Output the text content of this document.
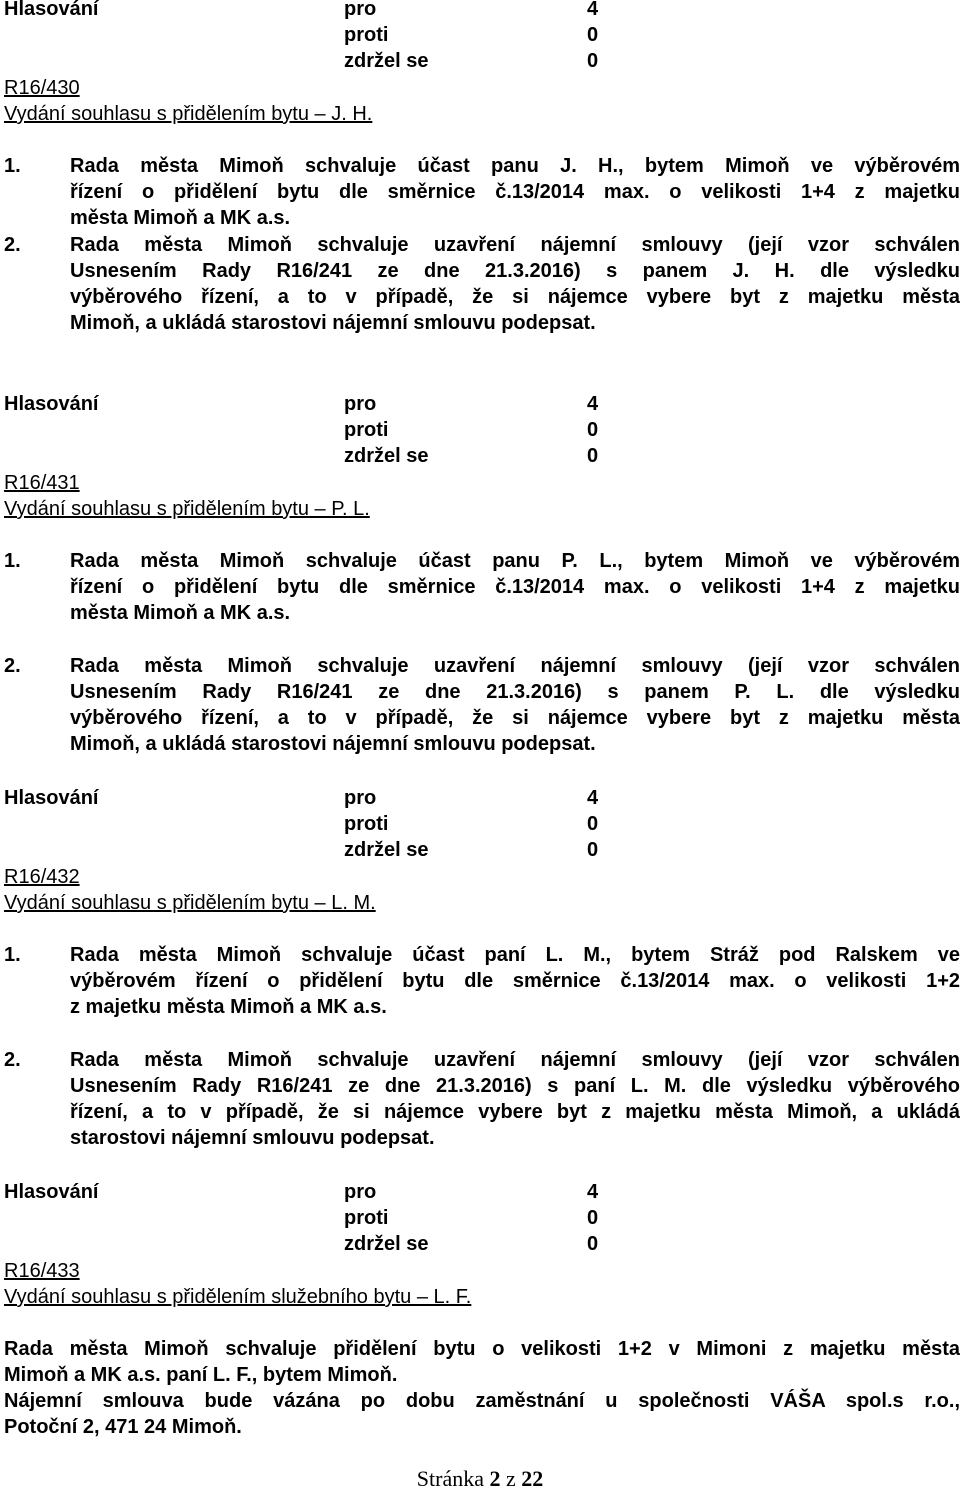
Hlasování	pro	4
proti	0
zdržel se	0
R16/430
Vydání souhlasu s přidělením bytu – J. H.
1. Rada města Mimoň schvaluje účast panu J. H., bytem Mimoň ve výběrovém
řízení o přidělení bytu dle směrnice č.13/2014 max. o velikosti 1+4 z majetku
města Mimoň a MK a.s.
2. Rada města Mimoň schvaluje uzavření nájemní smlouvy (její vzor schválen
Usnesením Rady R16/241 ze dne 21.3.2016) s panem J. H. dle výsledku
výběrového řízení, a to v případě, že si nájemce vybere byt z majetku města
Mimoň, a ukládá starostovi nájemní smlouvu podepsat.
Hlasování	pro	4
proti	0
zdržel se	0
R16/431
Vydání souhlasu s přidělením bytu – P. L.
1. Rada města Mimoň schvaluje účast panu P. L., bytem Mimoň ve výběrovém
řízení o přidělení bytu dle směrnice č.13/2014 max. o velikosti 1+4 z majetku
města Mimoň a MK a.s.
2. Rada města Mimoň schvaluje uzavření nájemní smlouvy (její vzor schválen
Usnesením Rady R16/241 ze dne 21.3.2016) s panem P. L. dle výsledku
výběrového řízení, a to v případě, že si nájemce vybere byt z majetku města
Mimoň, a ukládá starostovi nájemní smlouvu podepsat.
Hlasování	pro	4
proti	0
zdržel se	0
R16/432
Vydání souhlasu s přidělením bytu – L. M.
1. Rada města Mimoň schvaluje účast paní L. M., bytem Stráž pod Ralskem ve
výběrovém řízení o přidělení bytu dle směrnice č.13/2014 max. o velikosti 1+2
z majetku města Mimoň a MK a.s.
2. Rada města Mimoň schvaluje uzavření nájemní smlouvy (její vzor schválen
Usnesením Rady R16/241 ze dne 21.3.2016) s paní L. M. dle výsledku výběrového
řízení, a to v případě, že si nájemce vybere byt z majetku města Mimoň, a ukládá
starostovi nájemní smlouvu podepsat.
Hlasování	pro	4
proti	0
zdržel se	0
R16/433
Vydání souhlasu s přidělením služebního bytu – L. F.
Rada města Mimoň schvaluje přidělení bytu o velikosti 1+2 v Mimoni z majetku města
Mimoň a MK a.s. paní L. F., bytem Mimoň.
Nájemní smlouva bude vázána po dobu zaměstnání u společnosti VÁŠA spol.s r.o.,
Potoční 2, 471 24 Mimoň.
Stránka 2 z 22
